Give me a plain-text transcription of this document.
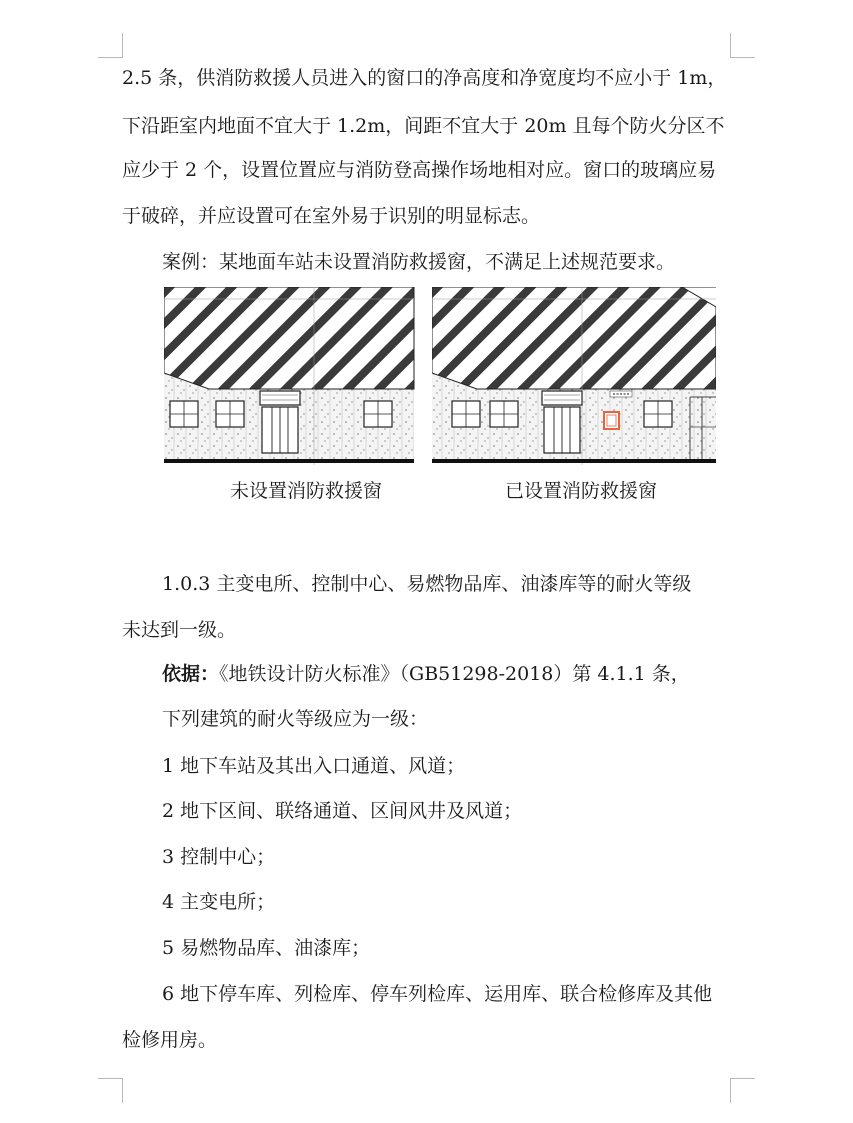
2.5 条，供消防救援人员进入的窗口的净高度和净宽度均不应小于 1m，
下沿距室内地面不宜大于 1.2m，间距不宜大于 20m 且每个防火分区不
应少于 2 个，设置位置应与消防登高操作场地相对应。窗口的玻璃应易
于破碎，并应设置可在室外易于识别的明显标志。
案例：某地面车站未设置消防救援窗，不满足上述规范要求。
未设置消防救援窗	已设置消防救援窗
1.0.3 主变电所、控制中心、易燃物品库、油漆库等的耐火等级
未达到一级。
依据：《地铁设计防火标准》（GB51298-2018）第 4.1.1 条，
下列建筑的耐火等级应为一级：
1 地下车站及其出入口通道、风道；
2 地下区间、联络通道、区间风井及风道；
3 控制中心；
4 主变电所；
5 易燃物品库、油漆库；
6 地下停车库、列检库、停车列检库、运用库、联合检修库及其他
检修用房。
